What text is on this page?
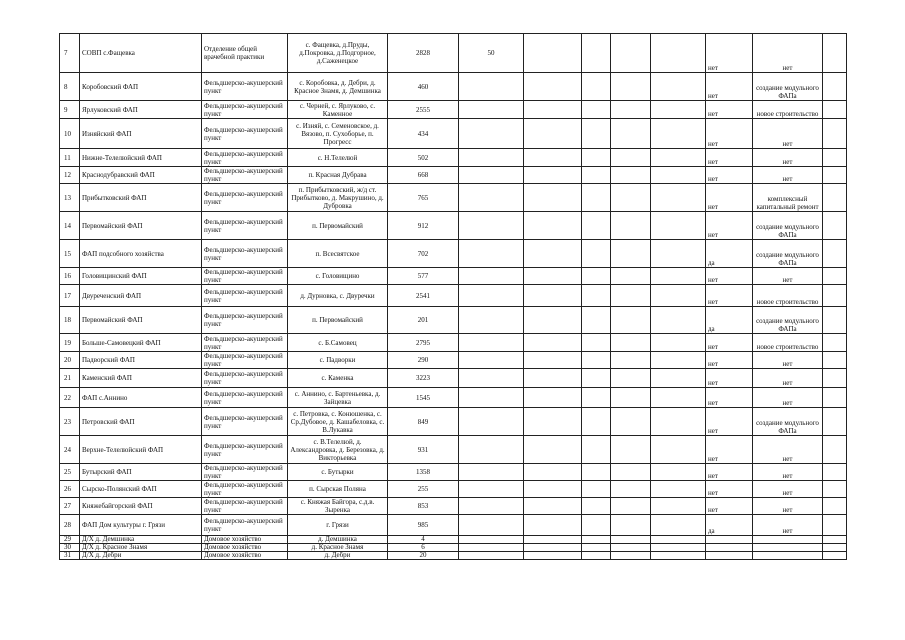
7	СОВП с.Фащевка	Отделение общей врачебной практики	с. Фащевка, д.Пруды, д.Покровка, д.Подгорное, д.Саженецкое	2828	50					нет	нет	
8	Коробовский ФАП	Фельдшерско-акушерский пункт	с. Коробовка, д. Дебри, д. Красное Знамя, д. Демшинка	460						нет	создание модульного ФАПа	
9	Ярлуковский ФАП	Фельдшерско-акушерский пункт	с. Черней, с. Ярлуково, с. Каменное	2555						нет	новое строительство	
10	Изняйский ФАП	Фельдшерско-акушерский пункт	с. Изняй, с. Семеновское, д. Вязово, п. Сухоборье, п. Прогресс	434						нет	нет	
11	Нижне-Телелюйский ФАП	Фельдшерско-акушерский пункт	с. Н.Телелюй	502						нет	нет	
12	Краснодубравский ФАП	Фельдшерско-акушерский пункт	п. Красная Дубрава	668						нет	нет	
13	Прибытковский ФАП	Фельдшерско-акушерский пункт	п. Прибытковский, ж/д ст. Прибытково, д. Макрушино, д. Дубровка	765						нет	комплексный капитальный ремонт	
14	Первомайский ФАП	Фельдшерско-акушерский пункт	п. Первомайский	912						нет	создание модульного ФАПа	
15	ФАП подсобного хозяйства	Фельдшерско-акушерский пункт	п. Всесвятское	702						да	создание модульного ФАПа	
16	Головищинский ФАП	Фельдшерско-акушерский пункт	с. Головищино	577						нет	нет	
17	Двуреченский ФАП	Фельдшерско-акушерский пункт	д. Дурновка, с. Двуречки	2541						нет	новое строительство	
18	Первомайский ФАП	Фельдшерско-акушерский пункт	п. Первомайский	201						да	создание модульного ФАПа	
19	Больше-Самовецкий ФАП	Фельдшерско-акушерский пункт	с. Б.Самовец	2795						нет	новое строительство	
20	Падворский ФАП	Фельдшерско-акушерский пункт	с. Падворки	290						нет	нет	
21	Каменский ФАП	Фельдшерско-акушерский пункт	с. Каменка	3223						нет	нет	
22	ФАП с.Аннино	Фельдшерско-акушерский пункт	с. Аннино, с. Бартеньевка, д. Зайцевка	1545						нет	нет	
23	Петровский ФАП	Фельдшерско-акушерский пункт	с. Петровка, с. Конюшенка, с. Ср.Дубовое, д. Кашабеловка, с. В.Лукавка	849						нет	создание модульного ФАПа	
24	Верхне-Телелюйский ФАП	Фельдшерско-акушерский пункт	с. В.Телелюй, д. Александровка, д. Березовка, д. Викторьевка	931						нет	нет	
25	Бутырский ФАП	Фельдшерско-акушерский пункт	с. Бутырки	1358						нет	нет	
26	Сырско-Полянский ФАП	Фельдшерско-акушерский пункт	п. Сырская Поляна	255						нет	нет	
27	Княжебайгорский ФАП	Фельдшерско-акушерский пункт	с. Княжая Байгора, с.д.в. Зыренка	853						нет	нет	
28	ФАП Дом культуры г. Грязи	Фельдшерско-акушерский пункт	г. Грязи	985						да	нет	
29	Д/Х д. Демшинка	Домовое хозяйство	д. Демшинка	4								
30	Д/Х д. Красное Знамя	Домовое хозяйство	д. Красное Знамя	6								
31	Д/Х д. Дебри	Домовое хозяйство	д. Дебри	20								
